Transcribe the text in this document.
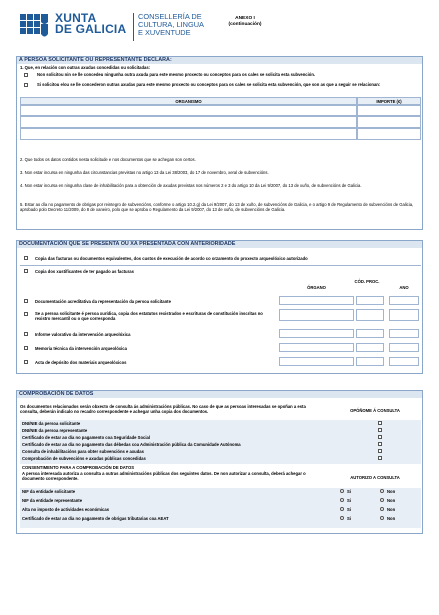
XUNTA
DE GALICIA
CONSELLERÍA DE
CULTURA, LINGUA
E XUVENTUDE
ANEXO I
(continuación)
A PERSOA SOLICITANTE OU REPRESENTANTE DECLARA:
1. Que, en relación con outras axudas concedidas ou solicitadas:
Non solicitou nin se lle concedeu ningunha outra axuda para este mesmo proxecto ou conceptos para os cales se solicita esta subvención.
Si solicitou e/ou se lle concederon outras axudas para este mesmo proxecto ou conceptos para os cales se solicita esta subvención, que son as que a seguir se relacionan:
ORGANISMO	IMPORTE (€)
2. Que todos os datos contidos nesta solicitude e nos documentos que se achegan son certos.
3. Non estar incursa en ningunha das circunstancias previstas no artigo 13 da Lei 38/2003, do 17 de novembro, xeral de subvencións.
4. Non estar incursa en ningunha clase de inhabilitación para a obtención de axudas previstas nos números 2 e 3 do artigo 10 da Lei 9/2007, do 13 de xuño, de subvencións de Galicia.
5. Estar ao día no pagamento de obrigas por reintegro de subvencións, conforme o artigo 10.2.g) da Lei 9/2007, do 13 de xuño, de subvencións de Galicia, e o artigo 9 de Regulamento de subvencións de Galicia, aprobado polo Decreto 11/2009, do 8 de xaneiro, polo que se aproba o Regulamento da Lei 9/2007, do 13 de xuño, de subvencións de Galicia.
DOCUMENTACIÓN QUE SE PRESENTA OU XA PRESENTADA CON ANTERIORIDADE
Copia das facturas ou documentos equivalentes, dos custos de execución de acordo co orzamento do proxecto arqueolóxico autorizado
Copia dos xustificantes de ter pagado as facturas
ÓRGANO
CÓD. PROC.
ANO
Documentación acreditativa da representación da persoa solicitante
Se a persoa solicitante é persoa xurídica, copia dos estatutos rexistrados e escrituras de constitución inscritas no rexistro mercantil ou o que corresponda
Informe valorativo da intervención arqueolóxica
Memoria técnica da intervención arqueolóxica
Acta de depósito dos materiais arqueolóxicos
COMPROBACIÓN DE DATOS
Os documentos relacionados serán obxecto de consulta ás administracións públicas. No caso de que as persoas interesadas se opoñan a esta consulta, deberán indicalo no recadro correspondente e achegar unha copia dos documentos.	OPÓÑOME Á CONSULTA
DNI/NIE da persoa solicitante
DNI/NIE da persoa representante
Certificado de estar ao día no pagamento coa Seguridade Social
Certificado de estar ao día no pagamento das débedas coa Administración pública da Comunidade Autónoma
Consulta de inhabilitacións para obter subvencións e axudas
Comprobación de subvencións e axudas públicas concedidas
CONSENTIMENTO PARA A COMPROBACIÓN DE DATOS
A persoa interesada autoriza a consulta a outras administracións públicas dos seguintes datos. De non autorizar a consulta, deberá achegar o documento correspondente.	AUTORIZO A CONSULTA
NIF da entidade solicitante	Si	Non
NIF da entidade representante	Si	Non
Alta no imposto de actividades económicas	Si	Non
Certificado de estar ao día no pagamento de obrigas tributarias coa AEAT	Si	Non
